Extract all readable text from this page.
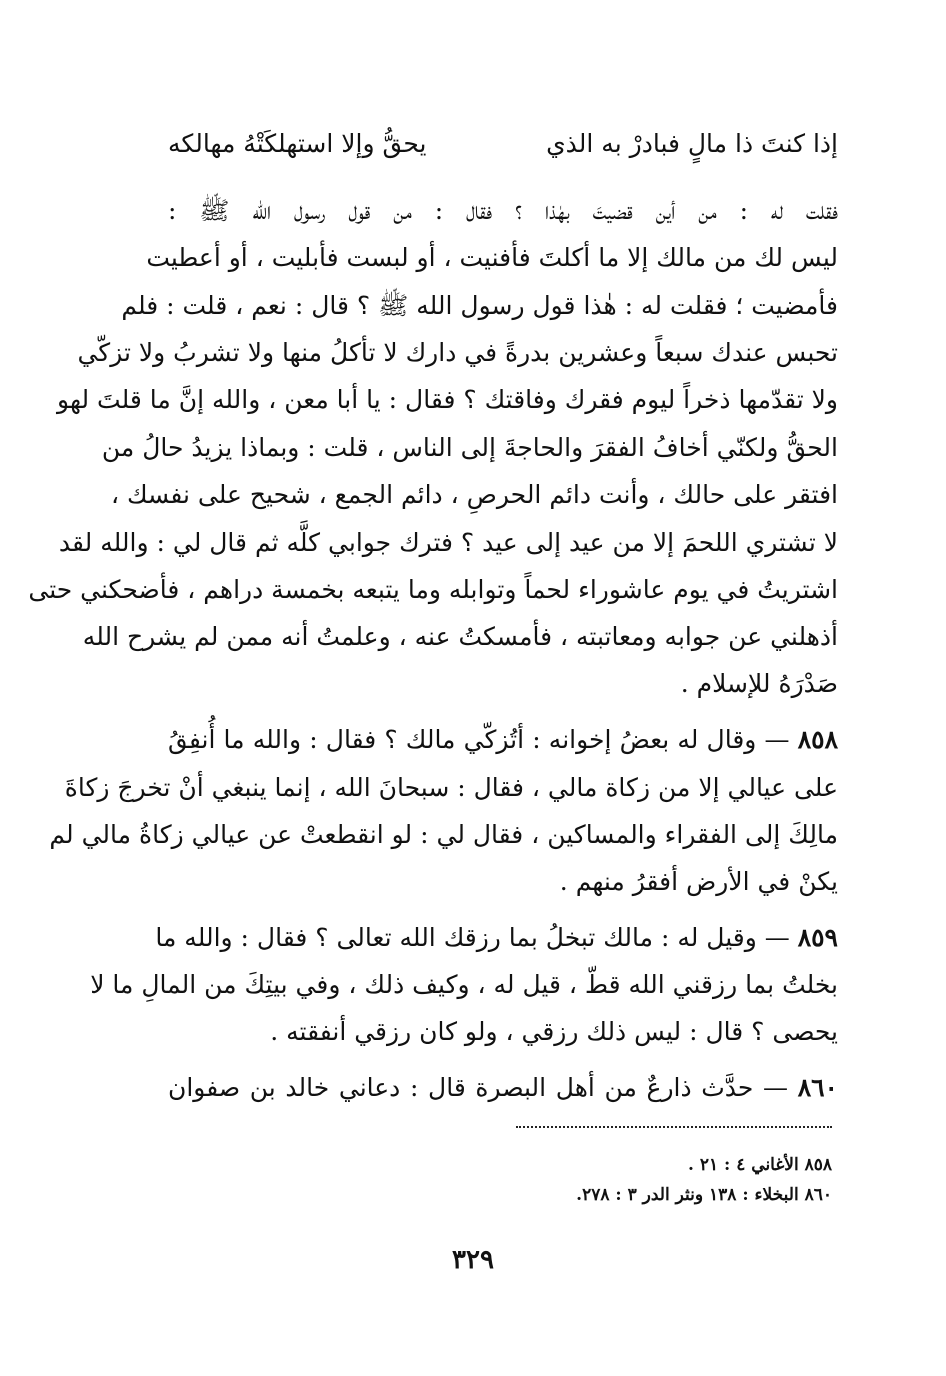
إذا كنتَ ذا مالٍ فبادرْ به الذي
يحقُّ وإلا استهلكَتْهُ مهالكه
فقلت له : من أين قضيتَ بهٰذا ؟ فقال : من قول رسول الله ﷺ :
ليس لك من مالك إلا ما أكلتَ فأفنيت ، أو لبست فأبليت ، أو أعطيت
فأمضيت ؛ فقلت له : هٰذا قول رسول الله ﷺ ؟ قال : نعم ، قلت : فلم
تحبس عندك سبعاً وعشرين بدرةً في دارك لا تأكلُ منها ولا تشربُ ولا تزكّي
ولا تقدّمها ذخراً ليوم فقرك وفاقتك ؟ فقال : يا أبا معن ، والله إنَّ ما قلتَ لهو
الحقُّ ولكنّي أخافُ الفقرَ والحاجةَ إلى الناس ، قلت : وبماذا يزيدُ حالُ من
افتقر على حالك ، وأنت دائم الحرصِ ، دائم الجمع ، شحيح على نفسك ،
لا تشتري اللحمَ إلا من عيد إلى عيد ؟ فترك جوابي كلَّه ثم قال لي : والله لقد
اشتريتُ في يوم عاشوراء لحماً وتوابله وما يتبعه بخمسة دراهم ، فأضحكني حتى
أذهلني عن جوابه ومعاتبته ، فأمسكتُ عنه ، وعلمتُ أنه ممن لم يشرح الله
صَدْرَهُ للإسلام .
٨٥٨ — وقال له بعضُ إخوانه : أتُزكّي مالك ؟ فقال : والله ما أُنفِقُ
على عيالي إلا من زكاة مالي ، فقال : سبحانَ الله ، إنما ينبغي أنْ تخرجَ زكاةَ
مالِكَ إلى الفقراء والمساكين ، فقال لي : لو انقطعتْ عن عيالي زكاةُ مالي لم
يكنْ في الأرض أفقرُ منهم .
٨٥٩ — وقيل له : مالك تبخلُ بما رزقك الله تعالى ؟ فقال : والله ما
بخلتُ بما رزقني الله قطّ ، قيل له ، وكيف ذلك ، وفي بيتِكَ من المالِ ما لا
يحصى ؟ قال : ليس ذلك رزقي ، ولو كان رزقي أنفقته .
٨٦٠ — حدَّث ذارعٌ من أهل البصرة قال : دعاني خالد بن صفوان
٨٥٨ الأغاني ٤ : ٢١ .
٨٦٠ البخلاء : ١٣٨ ونثر الدر ٣ : ٢٧٨.
٣٢٩
